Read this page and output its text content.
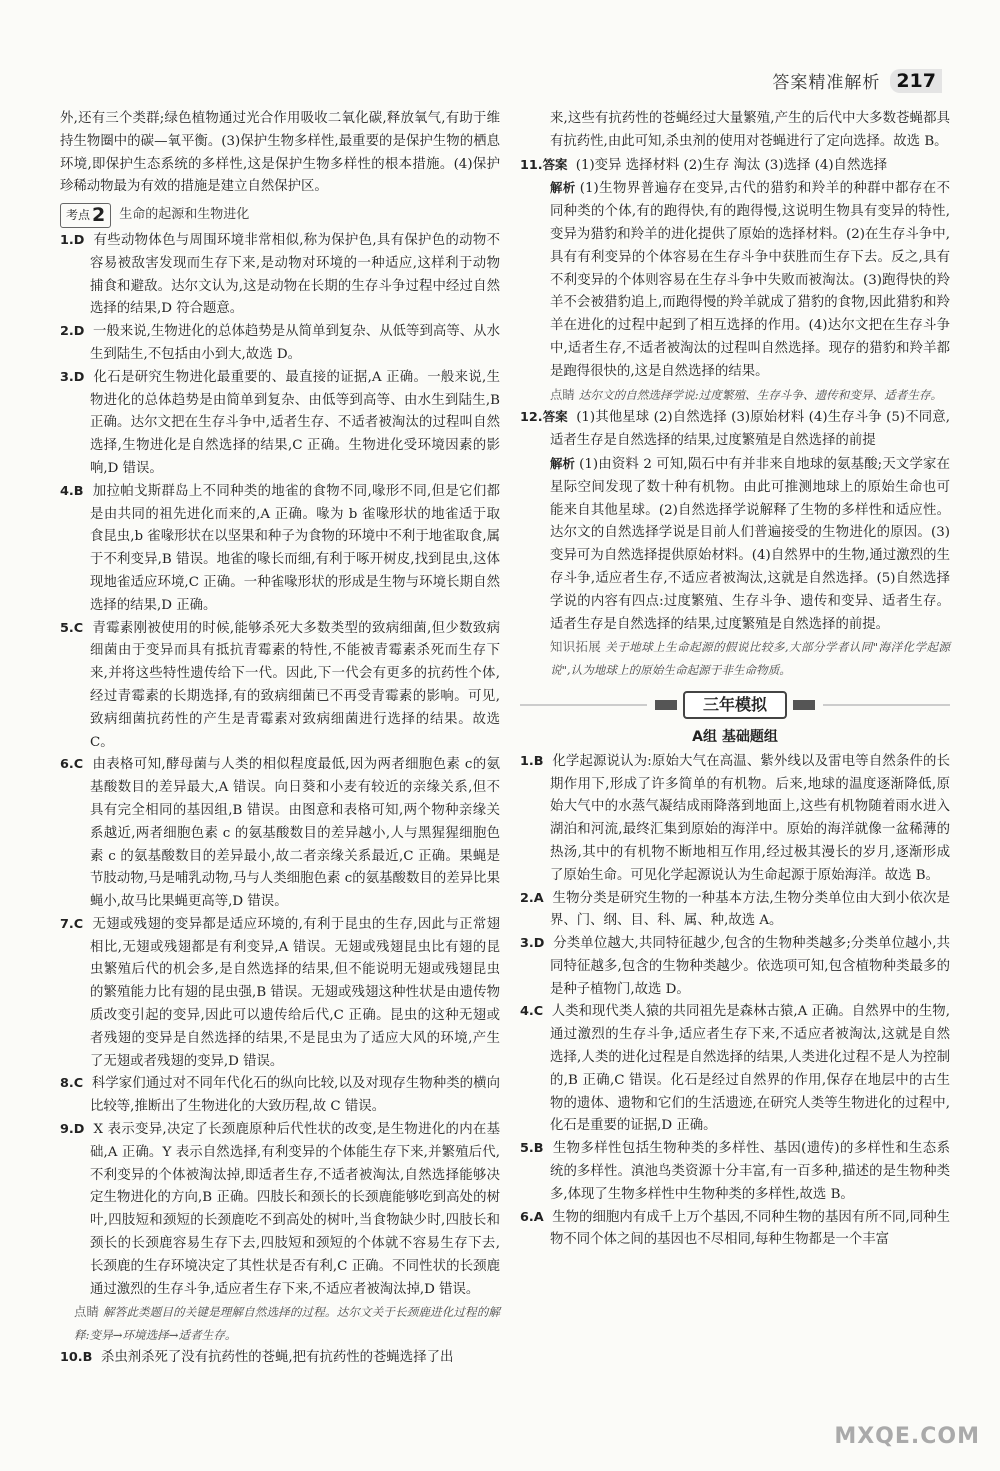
答案精准解析 217

外,还有三个类群;绿色植物通过光合作用吸收二氧化碳,释放氧气,有助于维持生物圈中的碳—氧平衡。(3)保护生物多样性,最重要的是保护生物的栖息环境,即保护生态系统的多样性,这是保护生物多样性的根本措施。(4)保护珍稀动物最为有效的措施是建立自然保护区。

考点 2 生命的起源和生物进化

1.D 有些动物体色与周围环境非常相似,称为保护色,具有保护色的动物不容易被敌害发现而生存下来,是动物对环境的一种适应,这样利于动物捕食和避敌。达尔文认为,这是动物在长期的生存斗争过程中经过自然选择的结果,D 符合题意。

2.D 一般来说,生物进化的总体趋势是从简单到复杂、从低等到高等、从水生到陆生,不包括由小到大,故选 D。

3.D 化石是研究生物进化最重要的、最直接的证据,A 正确。一般来说,生物进化的总体趋势是由简单到复杂、由低等到高等、由水生到陆生,B 正确。达尔文把在生存斗争中,适者生存、不适者被淘汰的过程叫自然选择,生物进化是自然选择的结果,C 正确。生物进化受环境因素的影响,D 错误。

4.B 加拉帕戈斯群岛上不同种类的地雀的食物不同,喙形不同,但是它们都是由共同的祖先进化而来的,A 正确。喙为 b 雀喙形状的地雀适于取食昆虫,b 雀喙形状在以坚果和种子为食物的环境中不利于地雀取食,属于不利变异,B 错误。地雀的喙长而细,有利于啄开树皮,找到昆虫,这体现地雀适应环境,C 正确。一种雀喙形状的形成是生物与环境长期自然选择的结果,D 正确。

5.C 青霉素刚被使用的时候,能够杀死大多数类型的致病细菌,但少数致病细菌由于变异而具有抵抗青霉素的特性,不能被青霉素杀死而生存下来,并将这些特性遗传给下一代。因此,下一代会有更多的抗药性个体,经过青霉素的长期选择,有的致病细菌已不再受青霉素的影响。可见,致病细菌抗药性的产生是青霉素对致病细菌进行选择的结果。故选 C。

6.C 由表格可知,酵母菌与人类的相似程度最低,因为两者细胞色素 c的氨基酸数目的差异最大,A 错误。向日葵和小麦有较近的亲缘关系,但不具有完全相同的基因组,B 错误。由图意和表格可知,两个物种亲缘关系越近,两者细胞色素 c 的氨基酸数目的差异越小,人与黑猩猩细胞色素 c 的氨基酸数目的差异最小,故二者亲缘关系最近,C 正确。果蝇是节肢动物,马是哺乳动物,马与人类细胞色素 c的氨基酸数目的差异比果蝇小,故马比果蝇更高等,D 错误。

7.C 无翅或残翅的变异都是适应环境的,有利于昆虫的生存,因此与正常翅相比,无翅或残翅都是有利变异,A 错误。无翅或残翅昆虫比有翅的昆虫繁殖后代的机会多,是自然选择的结果,但不能说明无翅或残翅昆虫的繁殖能力比有翅的昆虫强,B 错误。无翅或残翅这种性状是由遗传物质改变引起的变异,因此可以遗传给后代,C 正确。昆虫的这种无翅或者残翅的变异是自然选择的结果,不是昆虫为了适应大风的环境,产生了无翅或者残翅的变异,D 错误。

8.C 科学家们通过对不同年代化石的纵向比较,以及对现存生物种类的横向比较等,推断出了生物进化的大致历程,故 C 错误。

9.D X 表示变异,决定了长颈鹿原种后代性状的改变,是生物进化的内在基础,A 正确。Y 表示自然选择,有利变异的个体能生存下来,并繁殖后代,不利变异的个体被淘汰掉,即适者生存,不适者被淘汰,自然选择能够决定生物进化的方向,B 正确。四肢长和颈长的长颈鹿能够吃到高处的树叶,四肢短和颈短的长颈鹿吃不到高处的树叶,当食物缺少时,四肢长和颈长的长颈鹿容易生存下去,四肢短和颈短的个体就不容易生存下去,长颈鹿的生存环境决定了其性状是否有利,C 正确。不同性状的长颈鹿通过激烈的生存斗争,适应者生存下来,不适应者被淘汰掉,D 错误。

点睛 解答此类题目的关键是理解自然选择的过程。达尔文关于长颈鹿进化过程的解释:变异→环境选择→适者生存。

10.B 杀虫剂杀死了没有抗药性的苍蝇,把有抗药性的苍蝇选择了出

来,这些有抗药性的苍蝇经过大量繁殖,产生的后代中大多数苍蝇都具有抗药性,由此可知,杀虫剂的使用对苍蝇进行了定向选择。故选 B。

11.答案 (1)变异 选择材料 (2)生存 淘汰 (3)选择 (4)自然选择

解析 (1)生物界普遍存在变异,古代的猎豹和羚羊的种群中都存在不同种类的个体,有的跑得快,有的跑得慢,这说明生物具有变异的特性,变异为猎豹和羚羊的进化提供了原始的选择材料。(2)在生存斗争中,具有有利变异的个体容易在生存斗争中获胜而生存下去。反之,具有不利变异的个体则容易在生存斗争中失败而被淘汰。(3)跑得快的羚羊不会被猎豹追上,而跑得慢的羚羊就成了猎豹的食物,因此猎豹和羚羊在进化的过程中起到了相互选择的作用。(4)达尔文把在生存斗争中,适者生存,不适者被淘汰的过程叫自然选择。现存的猎豹和羚羊都是跑得很快的,这是自然选择的结果。

点睛 达尔文的自然选择学说:过度繁殖、生存斗争、遗传和变异、适者生存。

12.答案 (1)其他星球 (2)自然选择 (3)原始材料 (4)生存斗争 (5)不同意,适者生存是自然选择的结果,过度繁殖是自然选择的前提

解析 (1)由资料 2 可知,陨石中有并非来自地球的氨基酸;天文学家在星际空间发现了数十种有机物。由此可推测地球上的原始生命也可能来自其他星球。(2)自然选择学说解释了生物的多样性和适应性。达尔文的自然选择学说是目前人们普遍接受的生物进化的原因。(3)变异可为自然选择提供原始材料。(4)自然界中的生物,通过激烈的生存斗争,适应者生存,不适应者被淘汰,这就是自然选择。(5)自然选择学说的内容有四点:过度繁殖、生存斗争、遗传和变异、适者生存。适者生存是自然选择的结果,过度繁殖是自然选择的前提。

知识拓展 关于地球上生命起源的假说比较多,大部分学者认同"海洋化学起源说",认为地球上的原始生命起源于非生命物质。

三年模拟

A组 基础题组

1.B 化学起源说认为:原始大气在高温、紫外线以及雷电等自然条件的长期作用下,形成了许多简单的有机物。后来,地球的温度逐渐降低,原始大气中的水蒸气凝结成雨降落到地面上,这些有机物随着雨水进入湖泊和河流,最终汇集到原始的海洋中。原始的海洋就像一盆稀薄的热汤,其中的有机物不断地相互作用,经过极其漫长的岁月,逐渐形成了原始生命。可见化学起源说认为生命起源于原始海洋。故选 B。

2.A 生物分类是研究生物的一种基本方法,生物分类单位由大到小依次是界、门、纲、目、科、属、种,故选 A。

3.D 分类单位越大,共同特征越少,包含的生物种类越多;分类单位越小,共同特征越多,包含的生物种类越少。依选项可知,包含植物种类最多的是种子植物门,故选 D。

4.C 人类和现代类人猿的共同祖先是森林古猿,A 正确。自然界中的生物,通过激烈的生存斗争,适应者生存下来,不适应者被淘汰,这就是自然选择,人类的进化过程是自然选择的结果,人类进化过程不是人为控制的,B 正确,C 错误。化石是经过自然界的作用,保存在地层中的古生物的遗体、遗物和它们的生活遗迹,在研究人类等生物进化的过程中,化石是重要的证据,D 正确。

5.B 生物多样性包括生物种类的多样性、基因(遗传)的多样性和生态系统的多样性。滇池鸟类资源十分丰富,有一百多种,描述的是生物种类多,体现了生物多样性中生物种类的多样性,故选 B。

6.A 生物的细胞内有成千上万个基因,不同种生物的基因有所不同,同种生物不同个体之间的基因也不尽相同,每种生物都是一个丰富

MXQE.COM
